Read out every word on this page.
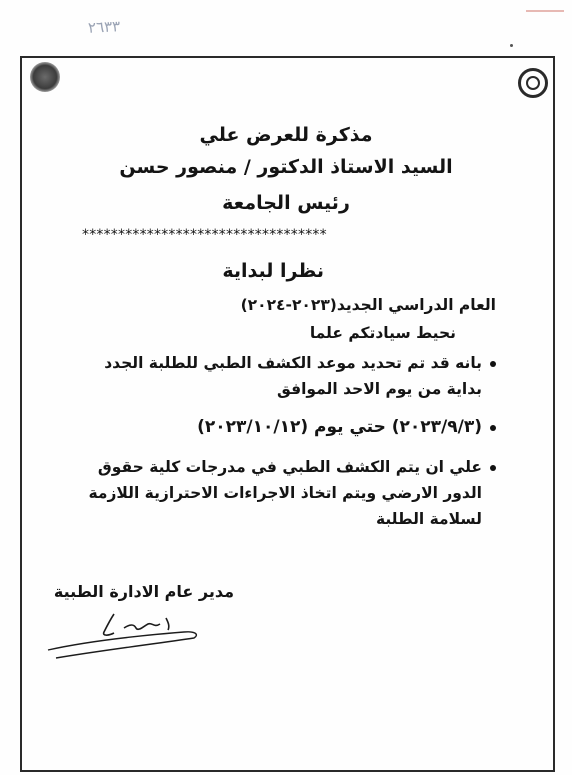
٢٦٣٣
مذكرة للعرض علي
السيد الاستاذ الدكتور / منصور حسن
رئيس الجامعة
**********************************
نظرا لبداية
العام الدراسي الجديد(٢٠٢٣-٢٠٢٤)
نحيط سيادتكم علما
بانه قد تم تحديد موعد الكشف الطبي للطلبة الجدد بداية من يوم الاحد الموافق
(٢٠٢٣/٩/٣) حتي يوم (٢٠٢٣/١٠/١٢)
علي ان يتم الكشف الطبي في مدرجات كلية حقوق الدور الارضي ويتم اتخاذ الاجراءات الاحترازية اللازمة لسلامة الطلبة
مدير عام الادارة الطبية
